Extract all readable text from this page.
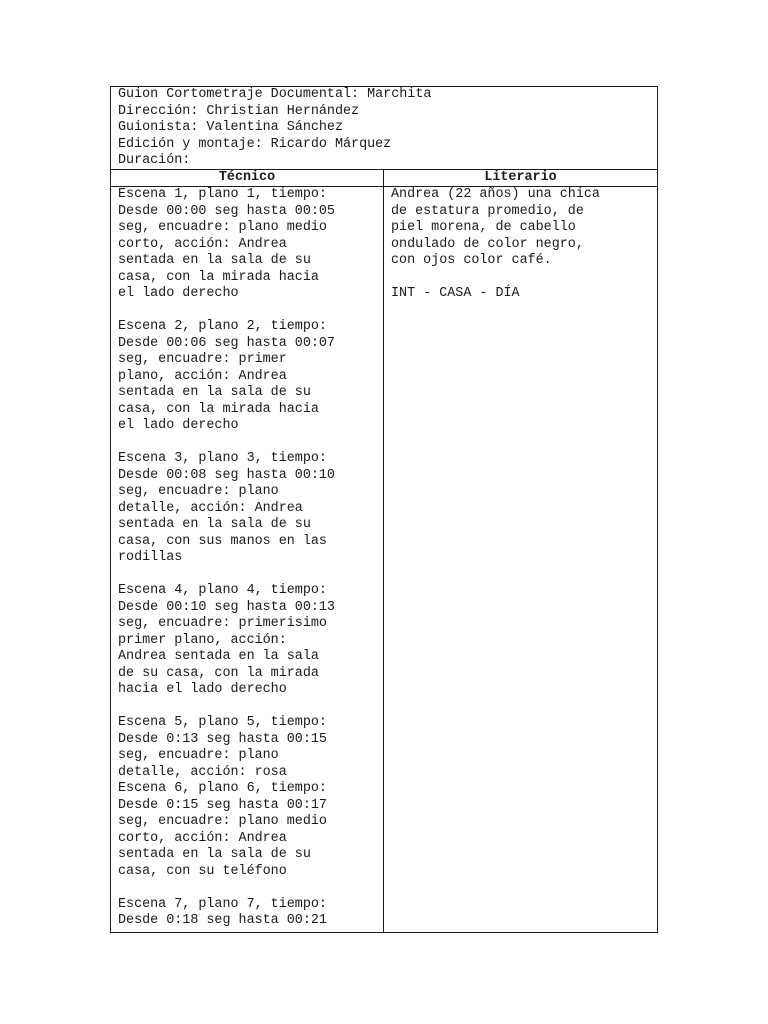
Guion Cortometraje Documental: Marchita

Dirección: Christian Hernández

Guionista: Valentina Sánchez

Edición y montaje: Ricardo Márquez

Duración:

Técnico	Literario

Escena 1, plano 1, tiempo:

Desde 00:00 seg hasta 00:05

seg, encuadre: plano medio

corto, acción: Andrea

sentada en la sala de su

casa, con la mirada hacia

el lado derecho

Escena 2, plano 2, tiempo:

Desde 00:06 seg hasta 00:07

seg, encuadre: primer

plano, acción: Andrea

sentada en la sala de su

casa, con la mirada hacia

el lado derecho

Escena 3, plano 3, tiempo:

Desde 00:08 seg hasta 00:10

seg, encuadre: plano

detalle, acción: Andrea

sentada en la sala de su

casa, con sus manos en las

rodillas

Escena 4, plano 4, tiempo:

Desde 00:10 seg hasta 00:13

seg, encuadre: primerisimo

primer plano, acción:

Andrea sentada en la sala

de su casa, con la mirada

hacia el lado derecho

Escena 5, plano 5, tiempo:

Desde 0:13 seg hasta 00:15

seg, encuadre: plano

detalle, acción: rosa

Escena 6, plano 6, tiempo:

Desde 0:15 seg hasta 00:17

seg, encuadre: plano medio

corto, acción: Andrea

sentada en la sala de su

casa, con su teléfono

Escena 7, plano 7, tiempo:

Desde 0:18 seg hasta 00:21

Andrea (22 años) una chica

de estatura promedio, de

piel morena, de cabello

ondulado de color negro,

con ojos color café.

INT - CASA - DÍA
